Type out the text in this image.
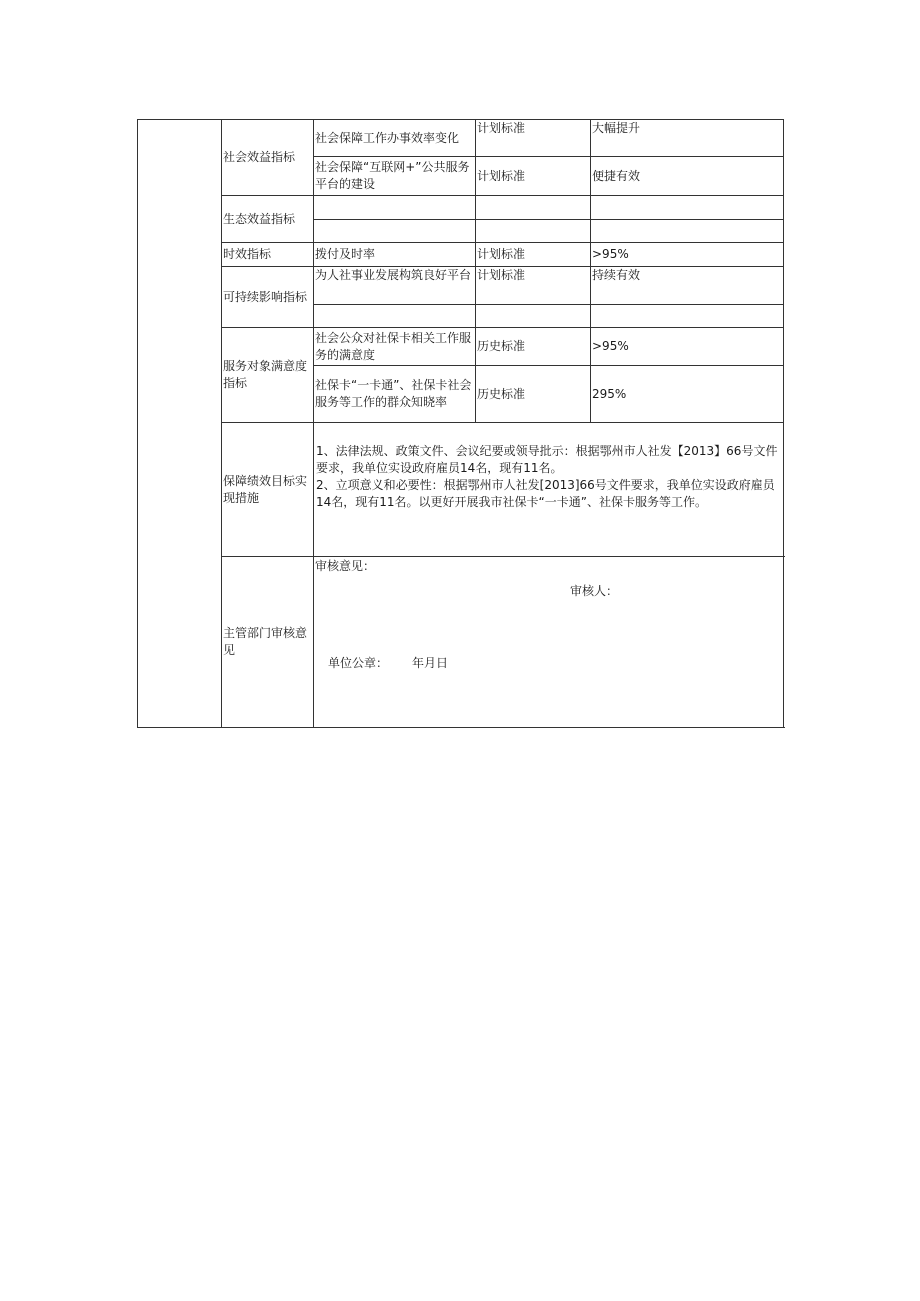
	社会效益指标	社会保障工作办事效率变化	计划标准	大幅提升
		社会保障“互联网+”公共服务平台的建设	计划标准	便捷有效
	生态效益指标			

	时效指标	拨付及时率	计划标准	>95%
	可持续影响指标	为人社事业发展构筑良好平台	计划标准	持续有效

	服务对象满意度指标	社会公众对社保卡相关工作服务的满意度	历史标准	>95%
		社保卡“一卡通”、社保卡社会服务等工作的群众知晓率	历史标准	295%
	保障绩效目标实现措施	1、法律法规、政策文件、会议纪要或领导批示：根据鄂州市人社发【2013】66号文件要求，我单位实设政府雇员14名，现有11名。
2、立项意义和必要性：根据鄂州市人社发[2013]66号文件要求，我单位实设政府雇员14名，现有11名。以更好开展我市社保卡“一卡通”、社保卡服务等工作。		

	主管部门审核意见	审核意见：
审核人：
单位公章： 年月日		
